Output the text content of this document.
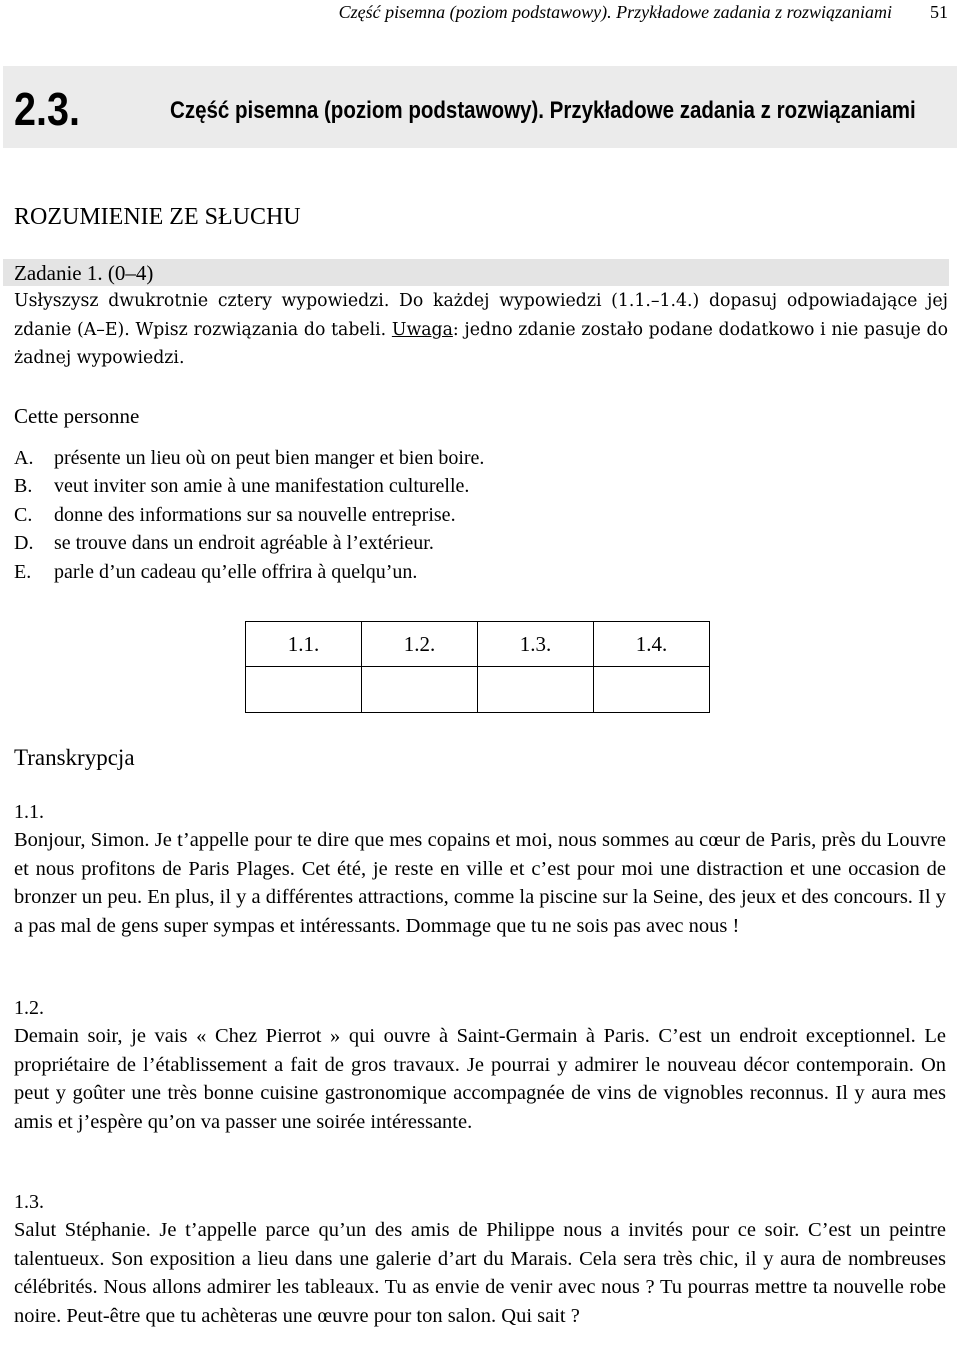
Część pisemna (poziom podstawowy). Przykładowe zadania z rozwiązaniami 51
2.3.	Część pisemna (poziom podstawowy). Przykładowe zadania z rozwiązaniami
ROZUMIENIE ZE SŁUCHU
Zadanie 1. (0–4)

Usłyszysz dwukrotnie cztery wypowiedzi. Do każdej wypowiedzi (1.1.–1.4.) dopasuj odpowiadające jej zdanie (A–E). Wpisz rozwiązania do tabeli. Uwaga: jedno zdanie zostało podane dodatkowo i nie pasuje do żadnej wypowiedzi.

Cette personne
A. présente un lieu où on peut bien manger et bien boire.
B. veut inviter son amie à une manifestation culturelle.
C. donne des informations sur sa nouvelle entreprise.
D. se trouve dans un endroit agréable à l’extérieur.
E. parle d’un cadeau qu’elle offrira à quelqu’un.
1.1.	1.2.	1.3.	1.4.

Transkrypcja
1.1.

Bonjour, Simon. Je t’appelle pour te dire que mes copains et moi, nous sommes au cœur de Paris, près du Louvre et nous profitons de Paris Plages. Cet été, je reste en ville et c’est pour moi une distraction et une occasion de bronzer un peu. En plus, il y a différentes attractions, comme la piscine sur la Seine, des jeux et des concours. Il y a pas mal de gens super sympas et intéressants. Dommage que tu ne sois pas avec nous !

1.2.

Demain soir, je vais « Chez Pierrot » qui ouvre à Saint-Germain à Paris. C’est un endroit exceptionnel. Le propriétaire de l’établissement a fait de gros travaux. Je pourrai y admirer le nouveau décor contemporain. On peut y goûter une très bonne cuisine gastronomique accompagnée de vins de vignobles reconnus. Il y aura mes amis et j’espère qu’on va passer une soirée intéressante.

1.3.

Salut Stéphanie. Je t’appelle parce qu’un des amis de Philippe nous a invités pour ce soir. C’est un peintre talentueux. Son exposition a lieu dans une galerie d’art du Marais. Cela sera très chic, il y aura de nombreuses célébrités. Nous allons admirer les tableaux. Tu as envie de venir avec nous ? Tu pourras mettre ta nouvelle robe noire. Peut-être que tu achèteras une œuvre pour ton salon. Qui sait ?
